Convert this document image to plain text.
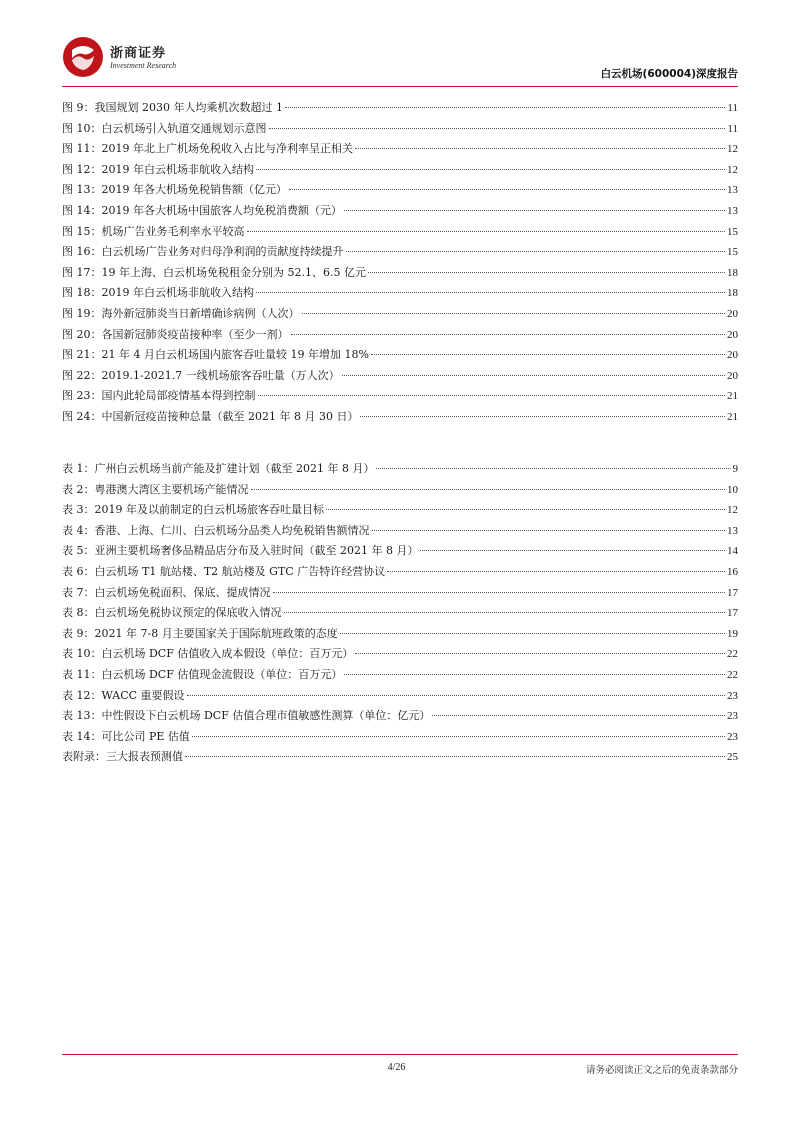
浙商证券
Investment Research
白云机场(600004)深度报告
图 9：我国规划 2030 年人均乘机次数超过 1	11
图 10：白云机场引入轨道交通规划示意图	11
图 11：2019 年北上广机场免税收入占比与净利率呈正相关	12
图 12：2019 年白云机场非航收入结构	12
图 13：2019 年各大机场免税销售额（亿元）	13
图 14：2019 年各大机场中国旅客人均免税消费额（元）	13
图 15：机场广告业务毛利率水平较高	15
图 16：白云机场广告业务对归母净利润的贡献度持续提升	15
图 17：19 年上海、白云机场免税租金分别为 52.1、6.5 亿元	18
图 18：2019 年白云机场非航收入结构	18
图 19：海外新冠肺炎当日新增确诊病例（人次）	20
图 20：各国新冠肺炎疫苗接种率（至少一剂）	20
图 21：21 年 4 月白云机场国内旅客吞吐量较 19 年增加 18%	20
图 22：2019.1-2021.7 一线机场旅客吞吐量（万人次）	20
图 23：国内此轮局部疫情基本得到控制	21
图 24：中国新冠疫苗接种总量（截至 2021 年 8 月 30 日）	21
表 1：广州白云机场当前产能及扩建计划（截至 2021 年 8 月）	9
表 2：粤港澳大湾区主要机场产能情况	10
表 3：2019 年及以前制定的白云机场旅客吞吐量目标	12
表 4：香港、上海、仁川、白云机场分品类人均免税销售额情况	13
表 5：亚洲主要机场奢侈品精品店分布及入驻时间（截至 2021 年 8 月）	14
表 6：白云机场 T1 航站楼、T2 航站楼及 GTC 广告特许经营协议	16
表 7：白云机场免税面积、保底、提成情况	17
表 8：白云机场免税协议预定的保底收入情况	17
表 9：2021 年 7-8 月主要国家关于国际航班政策的态度	19
表 10：白云机场 DCF 估值收入成本假设（单位：百万元）	22
表 11：白云机场 DCF 估值现金流假设（单位：百万元）	22
表 12：WACC 重要假设	23
表 13：中性假设下白云机场 DCF 估值合理市值敏感性测算（单位：亿元）	23
表 14：可比公司 PE 估值	23
表附录：三大报表预测值	25
4/26	请务必阅读正文之后的免责条款部分
